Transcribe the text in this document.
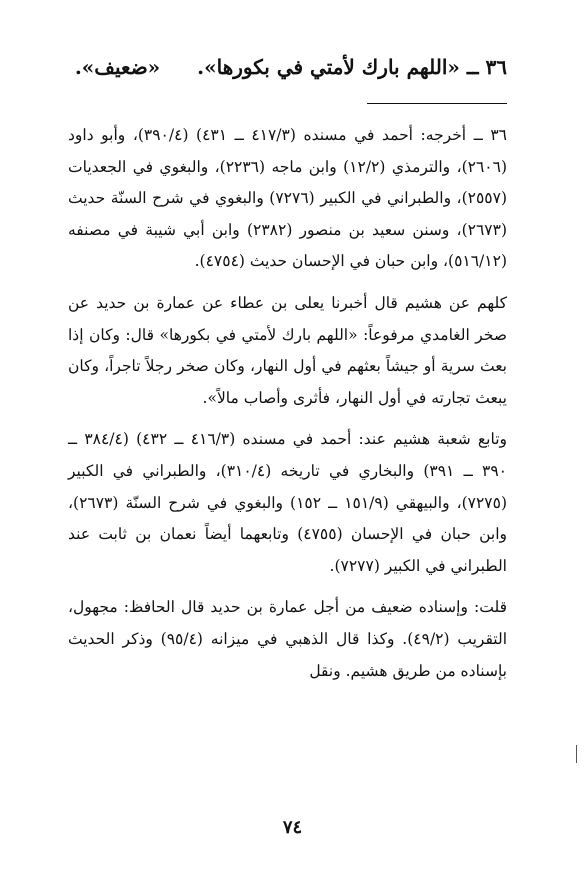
٣٦ ــ «اللهم بارك لأمتي في بكورها». «ضعيف».

٣٦ ــ أخرجه: أحمد في مسنده (٤١٧/٣ ــ ٤٣١) (٣٩٠/٤)، وأبو داود (٢٦٠٦)، والترمذي (١٢/٢) وابن ماجه (٢٢٣٦)، والبغوي في الجعديات (٢٥٥٧)، والطبراني في الكبير (٧٢٧٦) والبغوي في شرح السنّة حديث (٢٦٧٣)، وسنن سعيد بن منصور (٢٣٨٢) وابن أبي شيبة في مصنفه (٥١٦/١٢)، وابن حبان في الإحسان حديث (٤٧٥٤).

كلهم عن هشيم قال أخبرنا يعلى بن عطاء عن عمارة بن حديد عن صخر الغامدي مرفوعاً: «اللهم بارك لأمتي في بكورها» قال: وكان إذا بعث سرية أو جيشاً بعثهم في أول النهار، وكان صخر رجلاً تاجراً، وكان يبعث تجارته في أول النهار، فأثرى وأصاب مالاً».

وتابع شعبة هشيم عند: أحمد في مسنده (٤١٦/٣ ــ ٤٣٢) (٣٨٤/٤ ــ ٣٩٠ ــ ٣٩١) والبخاري في تاريخه (٣١٠/٤)، والطبراني في الكبير (٧٢٧٥)، والبيهقي (١٥١/٩ ــ ١٥٢) والبغوي في شرح السنّة (٢٦٧٣)، وابن حبان في الإحسان (٤٧٥٥) وتابعهما أيضاً نعمان بن ثابت عند الطبراني في الكبير (٧٢٧٧).

قلت: وإسناده ضعيف من أجل عمارة بن حديد قال الحافظ: مجهول، التقريب (٤٩/٢). وكذا قال الذهبي في ميزانه (٩٥/٤) وذكر الحديث بإسناده من طريق هشيم. ونقل

٧٤
